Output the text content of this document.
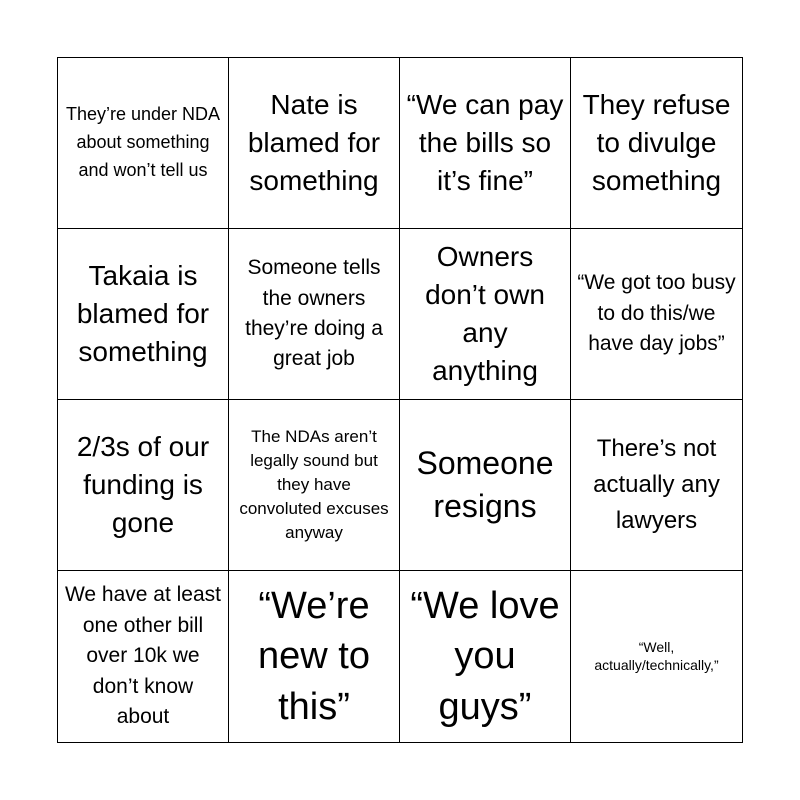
They’re under NDA about something and won’t tell us
Nate is blamed for something
“We can pay the bills so it’s fine”
They refuse to divulge something
Takaia is blamed for something
Someone tells the owners they’re doing a great job
Owners don’t own any anything
“We got too busy to do this/we have day jobs”
2/3s of our funding is gone
The NDAs aren’t legally sound but they have convoluted excuses anyway
Someone resigns
There’s not actually any lawyers
We have at least one other bill over 10k we don’t know about
“We’re new to this”
“We love you guys”
“Well, actually/technically,”
